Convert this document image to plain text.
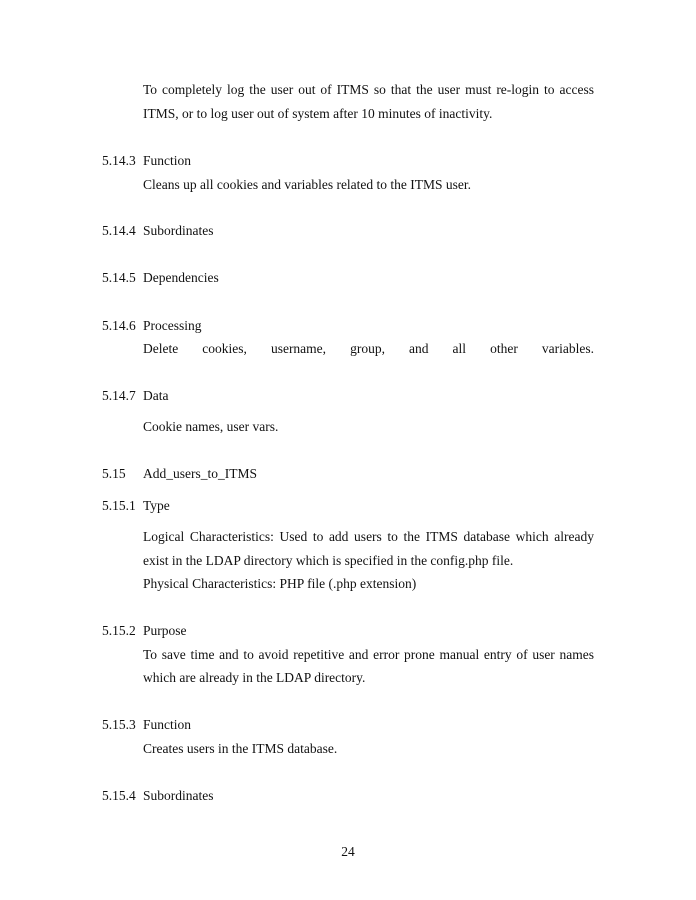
To completely log the user out of ITMS so that the user must re-login to access
ITMS, or to log user out of system after 10 minutes of inactivity.
5.14.3 Function
Cleans up all cookies and variables related to the ITMS user.
5.14.4 Subordinates
5.14.5 Dependencies
5.14.6 Processing
Delete cookies, username, group, and all other variables.
5.14.7 Data
Cookie names, user vars.
5.15 Add_users_to_ITMS
5.15.1 Type
Logical Characteristics: Used to add users to the ITMS database which already
exist in the LDAP directory which is specified in the config.php file.
Physical Characteristics: PHP file (.php extension)
5.15.2 Purpose
To save time and to avoid repetitive and error prone manual entry of user names
which are already in the LDAP directory.
5.15.3 Function
Creates users in the ITMS database.
5.15.4 Subordinates
24
